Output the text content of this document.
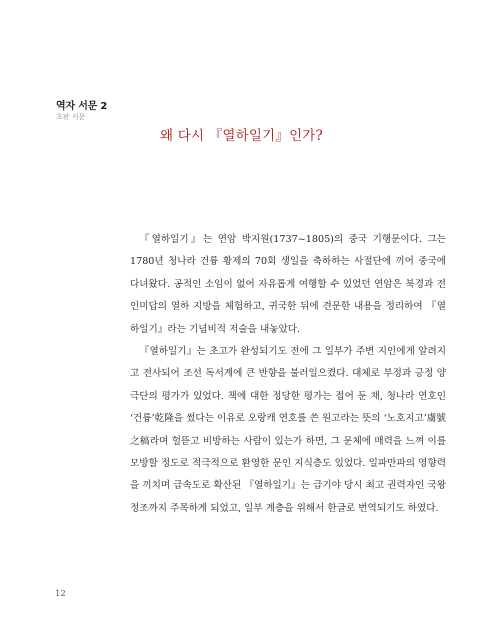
역자 서문 2
초판 서문
왜 다시 『열하일기』인가?

『열하일기』는 연암 박지원(1737~1805)의 중국 기행문이다. 그는 1780년 청나라 건륭 황제의 70회 생일을 축하하는 사절단에 끼어 중국에 다녀왔다. 공적인 소임이 없어 자유롭게 여행할 수 있었던 연암은 북경과 전인미답의 열하 지방을 체험하고, 귀국한 뒤에 견문한 내용을 정리하여 『열하일기』라는 기념비적 저술을 내놓았다.

『열하일기』는 초고가 완성되기도 전에 그 일부가 주변 지인에게 알려지고 전사되어 조선 독서계에 큰 반향을 불러일으켰다. 대체로 부정과 긍정 양극단의 평가가 있었다. 책에 대한 정당한 평가는 접어 둔 채, 청나라 연호인 ‘건륭’乾隆을 썼다는 이유로 오랑캐 연호를 쓴 원고라는 뜻의 ‘노호지고’虜號之稿라며 헐뜯고 비방하는 사람이 있는가 하면, 그 문체에 매력을 느껴 이를 모방할 정도로 적극적으로 환영한 문인 지식층도 있었다. 일파만파의 영향력을 끼치며 급속도로 확산된 『열하일기』는 급기야 당시 최고 권력자인 국왕 정조까지 주목하게 되었고, 일부 계층을 위해서 한글로 번역되기도 하였다.

12
